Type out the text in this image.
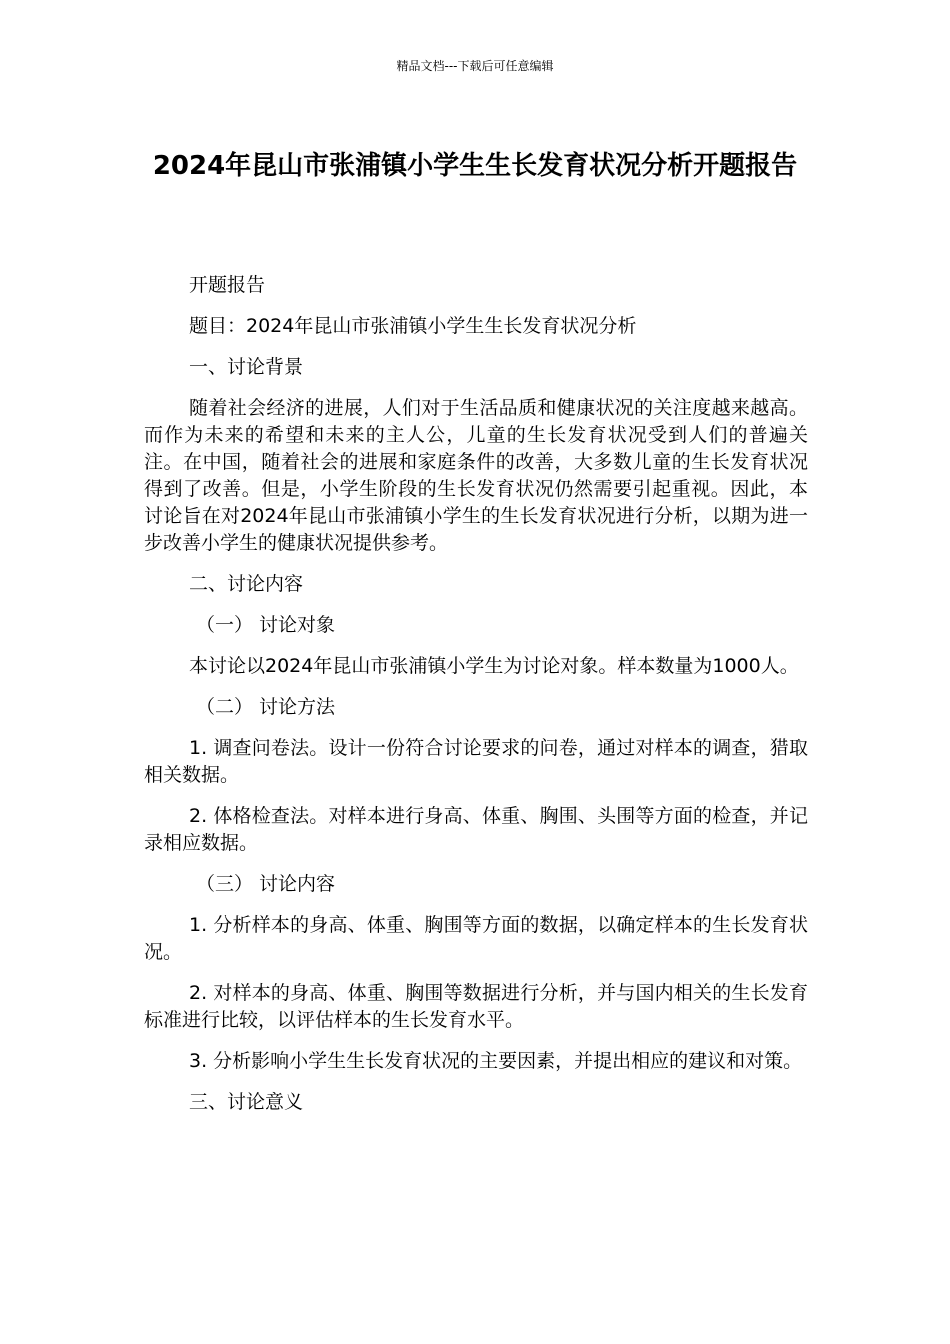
精品文档---下载后可任意编辑
2024年昆山市张浦镇小学生生长发育状况分析开题报告

开题报告

题目：2024年昆山市张浦镇小学生生长发育状况分析

一、讨论背景

随着社会经济的进展，人们对于生活品质和健康状况的关注度越来越高。而作为未来的希望和未来的主人公，儿童的生长发育状况受到人们的普遍关注。在中国，随着社会的进展和家庭条件的改善，大多数儿童的生长发育状况得到了改善。但是，小学生阶段的生长发育状况仍然需要引起重视。因此，本讨论旨在对2024年昆山市张浦镇小学生的生长发育状况进行分析，以期为进一步改善小学生的健康状况提供参考。

二、讨论内容

（一） 讨论对象

本讨论以2024年昆山市张浦镇小学生为讨论对象。样本数量为1000人。

（二） 讨论方法

1. 调查问卷法。设计一份符合讨论要求的问卷，通过对样本的调查，猎取相关数据。

2. 体格检查法。对样本进行身高、体重、胸围、头围等方面的检查，并记录相应数据。

（三） 讨论内容

1. 分析样本的身高、体重、胸围等方面的数据，以确定样本的生长发育状况。

2. 对样本的身高、体重、胸围等数据进行分析，并与国内相关的生长发育标准进行比较，以评估样本的生长发育水平。

3. 分析影响小学生生长发育状况的主要因素，并提出相应的建议和对策。

三、讨论意义
